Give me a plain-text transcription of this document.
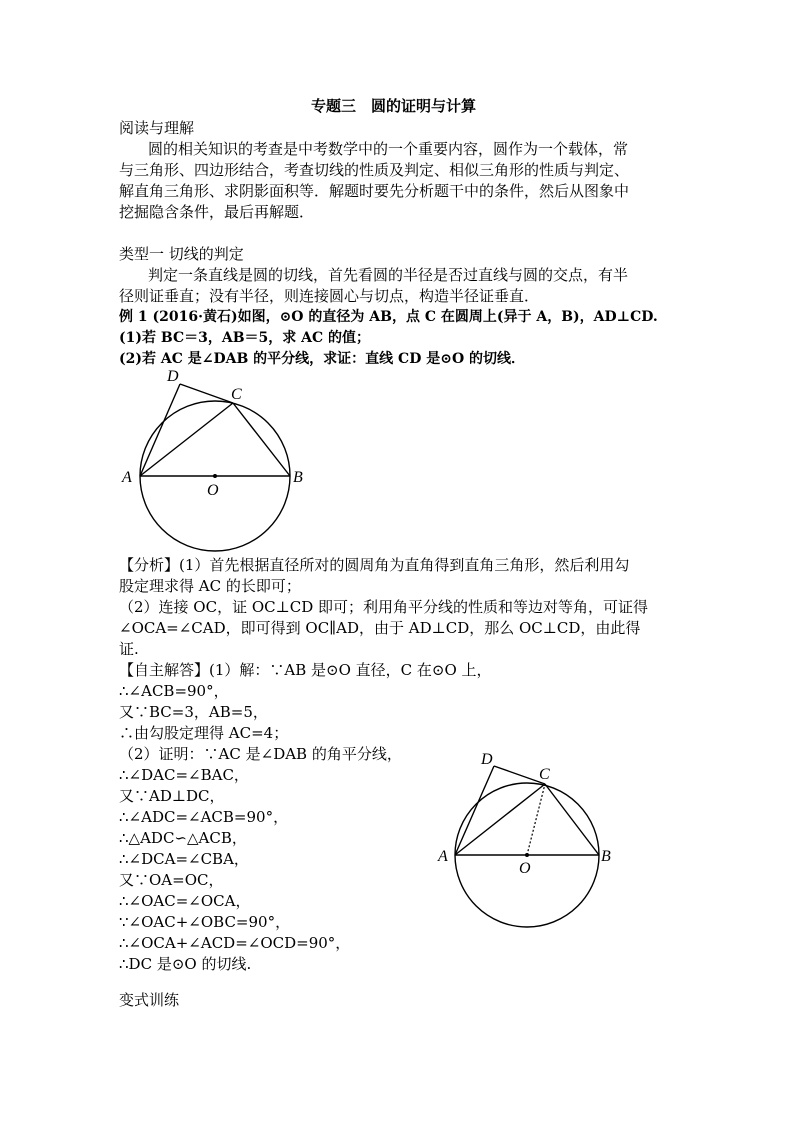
专题三　圆的证明与计算
阅读与理解
圆的相关知识的考查是中考数学中的一个重要内容，圆作为一个载体，常
与三角形、四边形结合，考查切线的性质及判定、相似三角形的性质与判定、
解直角三角形、求阴影面积等．解题时要先分析题干中的条件，然后从图象中
挖掘隐含条件，最后再解题．
类型一 切线的判定
判定一条直线是圆的切线，首先看圆的半径是否过直线与圆的交点，有半
径则证垂直；没有半径，则连接圆心与切点，构造半径证垂直．
例 1 (2016·黄石)如图，⊙O 的直径为 AB，点 C 在圆周上(异于 A，B)，AD⊥CD.
(1)若 BC＝3，AB＝5，求 AC 的值；
(2)若 AC 是∠DAB 的平分线，求证：直线 CD 是⊙O 的切线．
D
C
A	B
O
【分析】(1）首先根据直径所对的圆周角为直角得到直角三角形，然后利用勾
股定理求得 AC 的长即可；
（2）连接 OC，证 OC⊥CD 即可；利用角平分线的性质和等边对等角，可证得
∠OCA=∠CAD，即可得到 OC∥AD，由于 AD⊥CD，那么 OC⊥CD，由此得
证.
【自主解答】(1）解：∵AB 是⊙O 直径，C 在⊙O 上，
∴∠ACB=90°，
又∵BC=3，AB=5，
∴由勾股定理得 AC=4；
（2）证明：∵AC 是∠DAB 的角平分线，
∴∠DAC=∠BAC，
又∵AD⊥DC，
∴∠ADC=∠ACB=90°，
∴△ADC∽△ACB，
∴∠DCA=∠CBA，
又∵OA=OC，
∴∠OAC=∠OCA，
∵∠OAC+∠OBC=90°，
∴∠OCA+∠ACD=∠OCD=90°，
∴DC 是⊙O 的切线.
D
C
A	B
O
变式训练
